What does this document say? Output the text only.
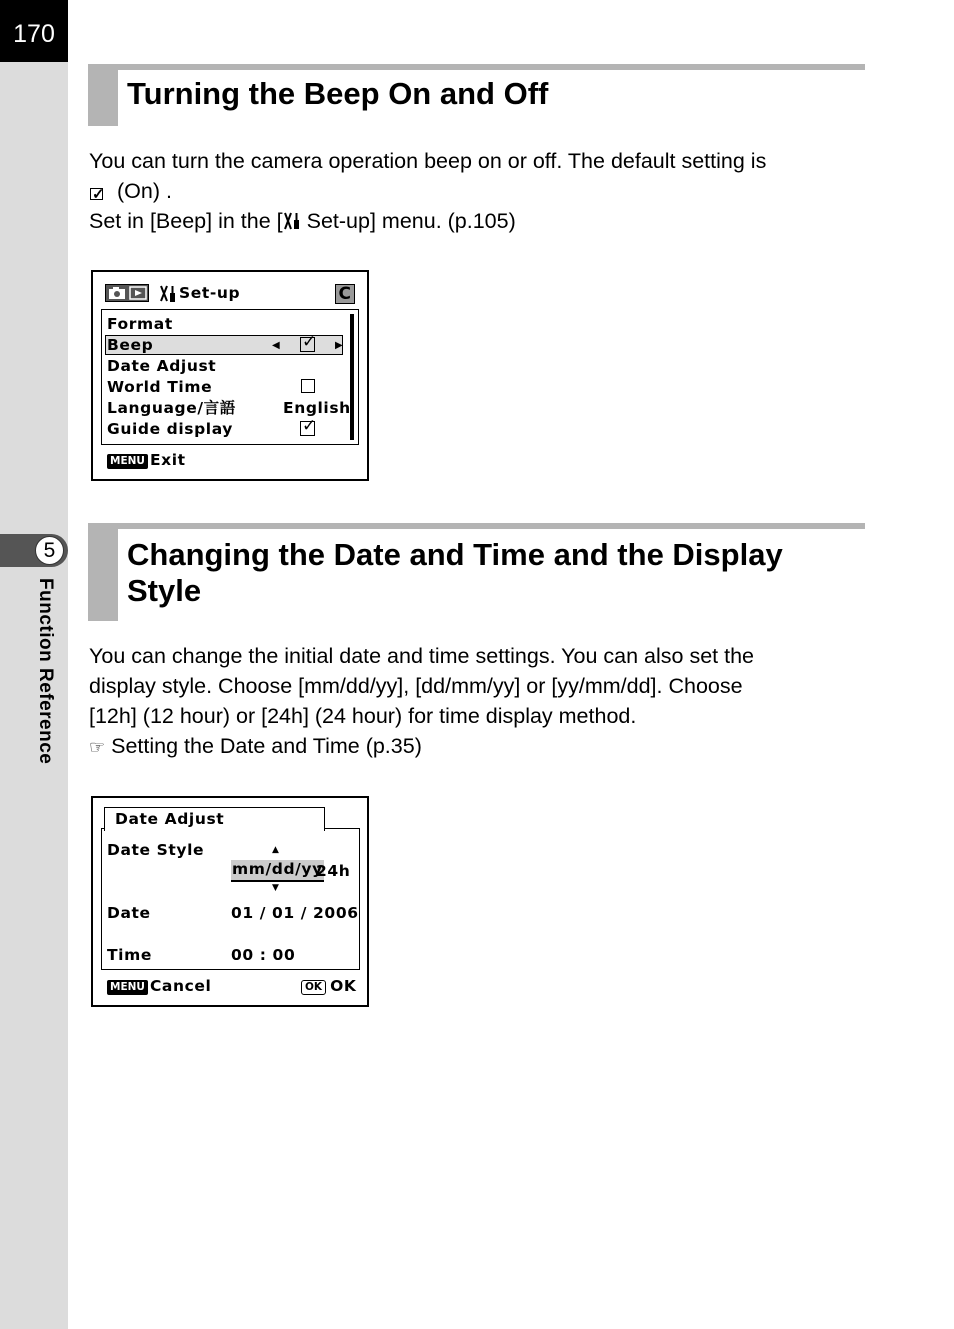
170
5
Function Reference
Turning the Beep On and Off
You can turn the camera operation beep on or off. The default setting is
✓(On) .
Set in [Beep] in the [ Set-up] menu. (p.105)
Set-up	C
Format
Beep	◀
✓	▶
Date Adjust
World Time
Language/言語	English
Guide display
✓
MENU Exit
Changing the Date and Time and the Display
Style
You can change the initial date and time settings. You can also set the
display style. Choose [mm/dd/yy], [dd/mm/yy] or [yy/mm/dd]. Choose
[12h] (12 hour) or [24h] (24 hour) for time display method.
☞ Setting the Date and Time (p.35)
Date Adjust
Date Style	▲
mm/dd/yy
24h
▼
Date	01 / 01 / 2006
Time	00 : 00
MENU Cancel	OK OK
